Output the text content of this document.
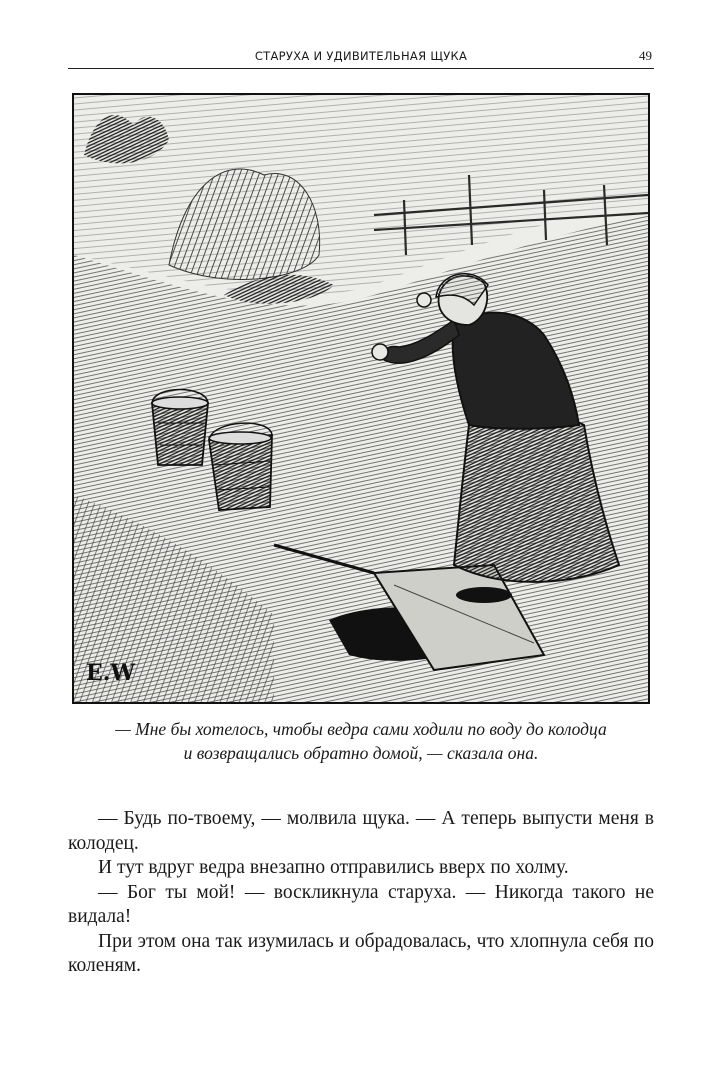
СТАРУХА И УДИВИТЕЛЬНАЯ ЩУКА	49
E.W
— Мне бы хотелось, чтобы ведра сами ходили по воду до колодца
и возвращались обратно домой, — сказала она.

— Будь по-твоему, — молвила щука. — А теперь выпусти меня в колодец.

И тут вдруг ведра внезапно отправились вверх по холму.

— Бог ты мой! — воскликнула старуха. — Никогда такого не видала!

При этом она так изумилась и обрадовалась, что хлопнула себя по коленям.
